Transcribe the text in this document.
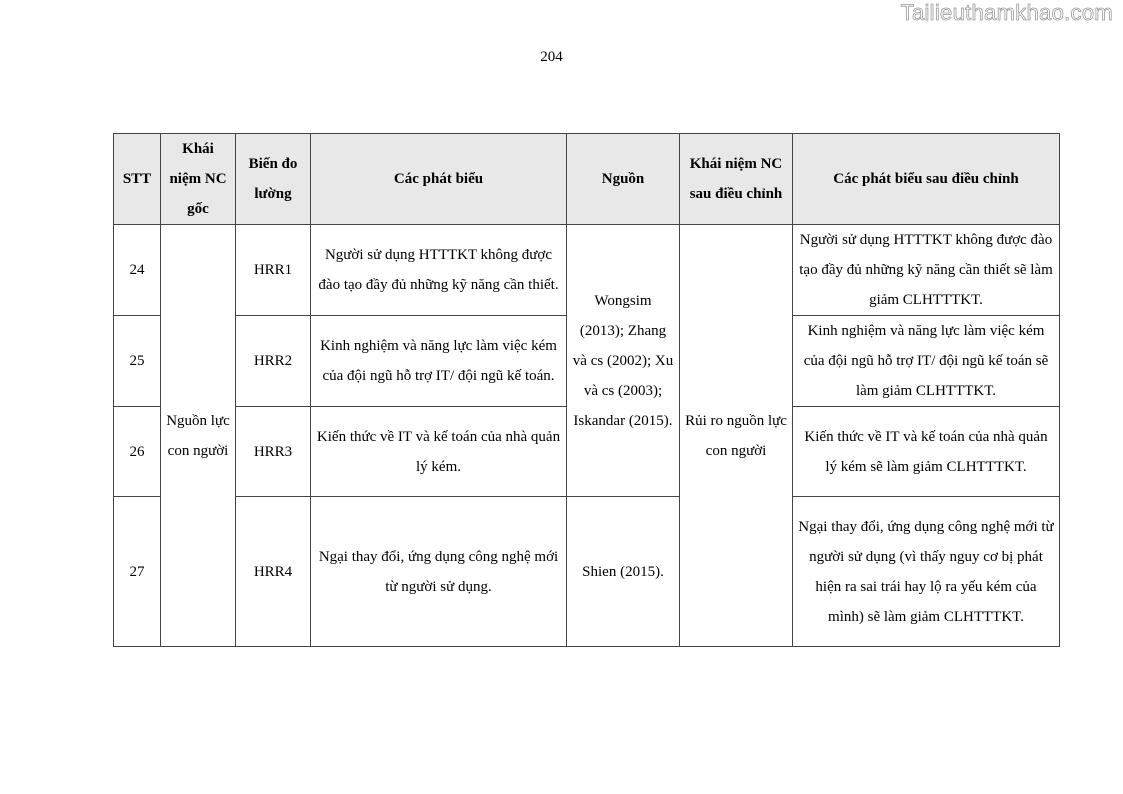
Tailieuthamkhao.com
204
STT	Khái niệm NC gốc	Biến đo lường	Các phát biểu	Nguồn	Khái niệm NC sau điều chỉnh	Các phát biểu sau điều chỉnh
24	Nguồn lực con người	HRR1	Người sử dụng HTTTKT không được đào tạo đầy đủ những kỹ năng cần thiết.	Wongsim (2013); Zhang và cs (2002); Xu và cs (2003); Iskandar (2015).	Rủi ro nguồn lực con người	Người sử dụng HTTTKT không được đào tạo đầy đủ những kỹ năng cần thiết sẽ làm giảm CLHTTTKT.
25		HRR2	Kinh nghiệm và năng lực làm việc kém của đội ngũ hỗ trợ IT/ đội ngũ kế toán.			Kinh nghiệm và năng lực làm việc kém của đội ngũ hỗ trợ IT/ đội ngũ kế toán sẽ làm giảm CLHTTTKT.
26		HRR3	Kiến thức về IT và kế toán của nhà quản lý kém.			Kiến thức về IT và kế toán của nhà quản lý kém sẽ làm giảm CLHTTTKT.
27		HRR4	Ngại thay đổi, ứng dụng công nghệ mới từ người sử dụng.	Shien (2015).		Ngại thay đổi, ứng dụng công nghệ mới từ người sử dụng (vì thấy nguy cơ bị phát hiện ra sai trái hay lộ ra yếu kém của mình) sẽ làm giảm CLHTTTKT.
